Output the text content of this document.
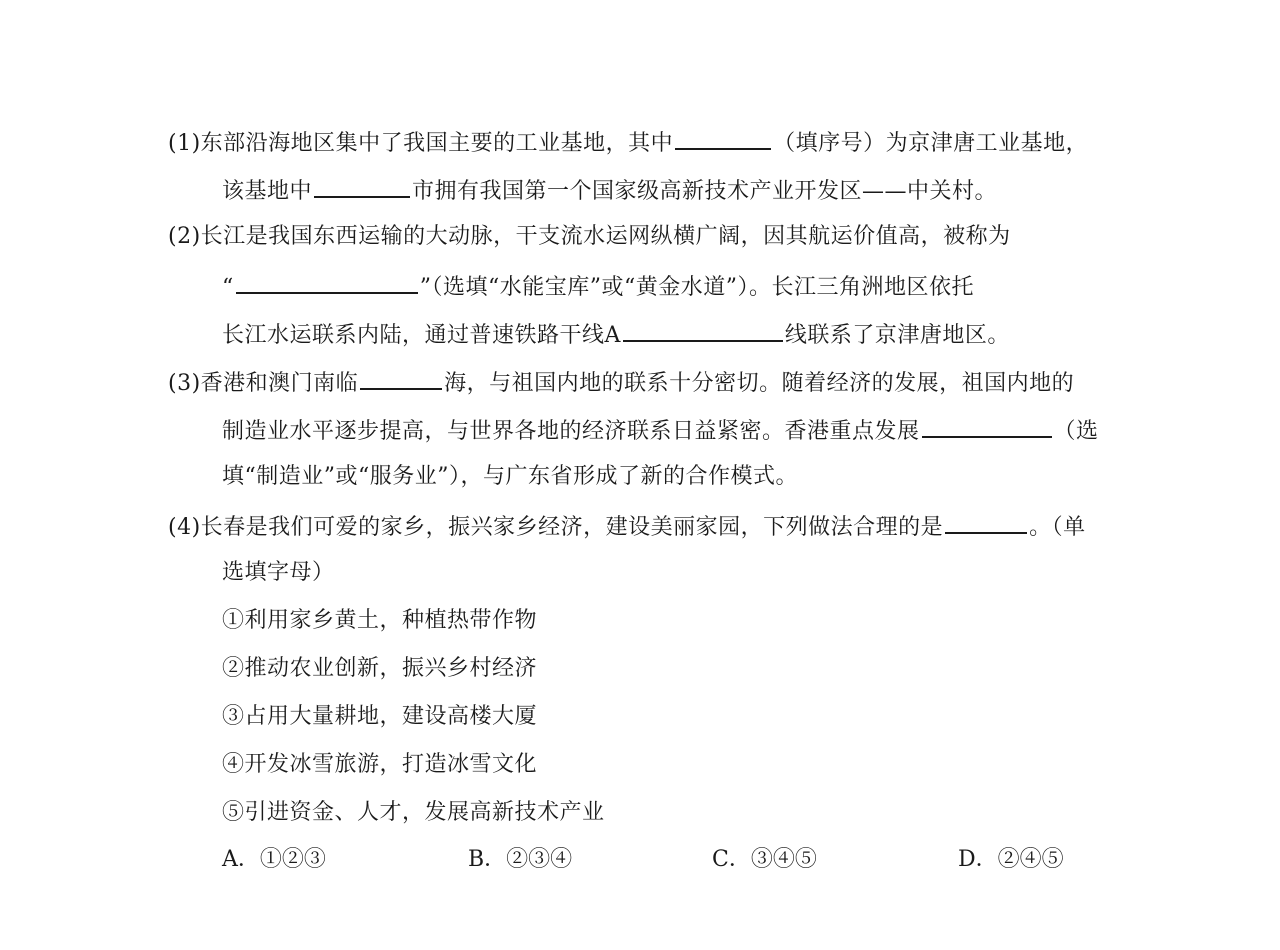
(1)东部沿海地区集中了我国主要的工业基地，其中	（填序号）为京津唐工业基地，
该基地中	市拥有我国第一个国家级高新技术产业开发区——中关村。
(2)长江是我国东西运输的大动脉，干支流水运网纵横广阔，因其航运价值高，被称为
“	”（选填“水能宝库”或“黄金水道”）。长江三角洲地区依托
长江水运联系内陆，通过普速铁路干线A	线联系了京津唐地区。
(3)香港和澳门南临	海，与祖国内地的联系十分密切。随着经济的发展，祖国内地的
制造业水平逐步提高，与世界各地的经济联系日益紧密。香港重点发展	（选
填“制造业”或“服务业”），与广东省形成了新的合作模式。
(4)长春是我们可爱的家乡，振兴家乡经济，建设美丽家园，下列做法合理的是	。（单
选填字母）
①利用家乡黄土，种植热带作物
②推动农业创新，振兴乡村经济
③占用大量耕地，建设高楼大厦
④开发冰雪旅游，打造冰雪文化
⑤引进资金、人才，发展高新技术产业
A．①②③	B．②③④	C．③④⑤	D．②④⑤
